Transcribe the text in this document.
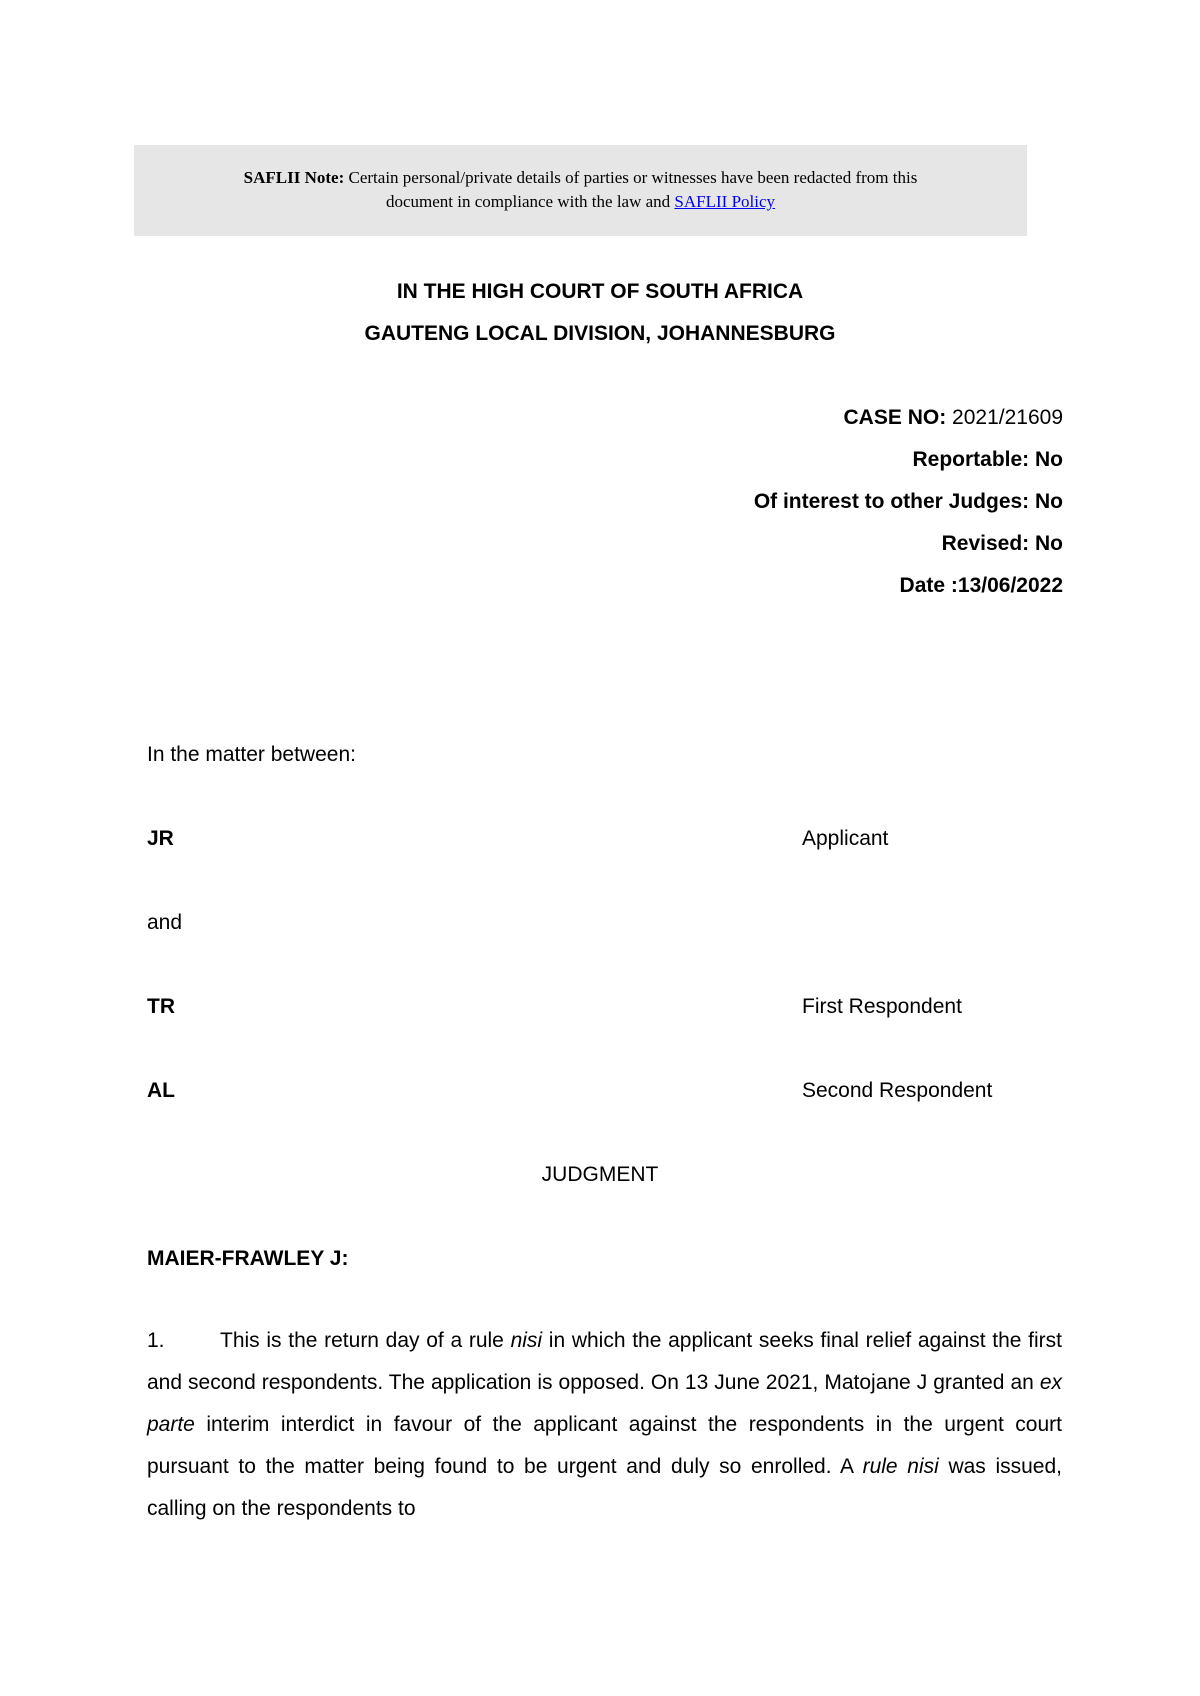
SAFLII Note: Certain personal/private details of parties or witnesses have been redacted from this
document in compliance with the law and SAFLII Policy
IN THE HIGH COURT OF SOUTH AFRICA
GAUTENG LOCAL DIVISION, JOHANNESBURG
CASE NO: 2021/21609
Reportable: No
Of interest to other Judges: No
Revised: No
Date :13/06/2022
In the matter between:
JR	Applicant
and
TR	First Respondent
AL	Second Respondent
JUDGMENT
MAIER-FRAWLEY J:

1.	This is the return day of a rule nisi in which the applicant seeks final relief against the first and second respondents. The application is opposed. On 13 June 2021, Matojane J granted an ex parte interim interdict in favour of the applicant against the respondents in the urgent court pursuant to the matter being found to be urgent and duly so enrolled. A rule nisi was issued, calling on the respondents to
